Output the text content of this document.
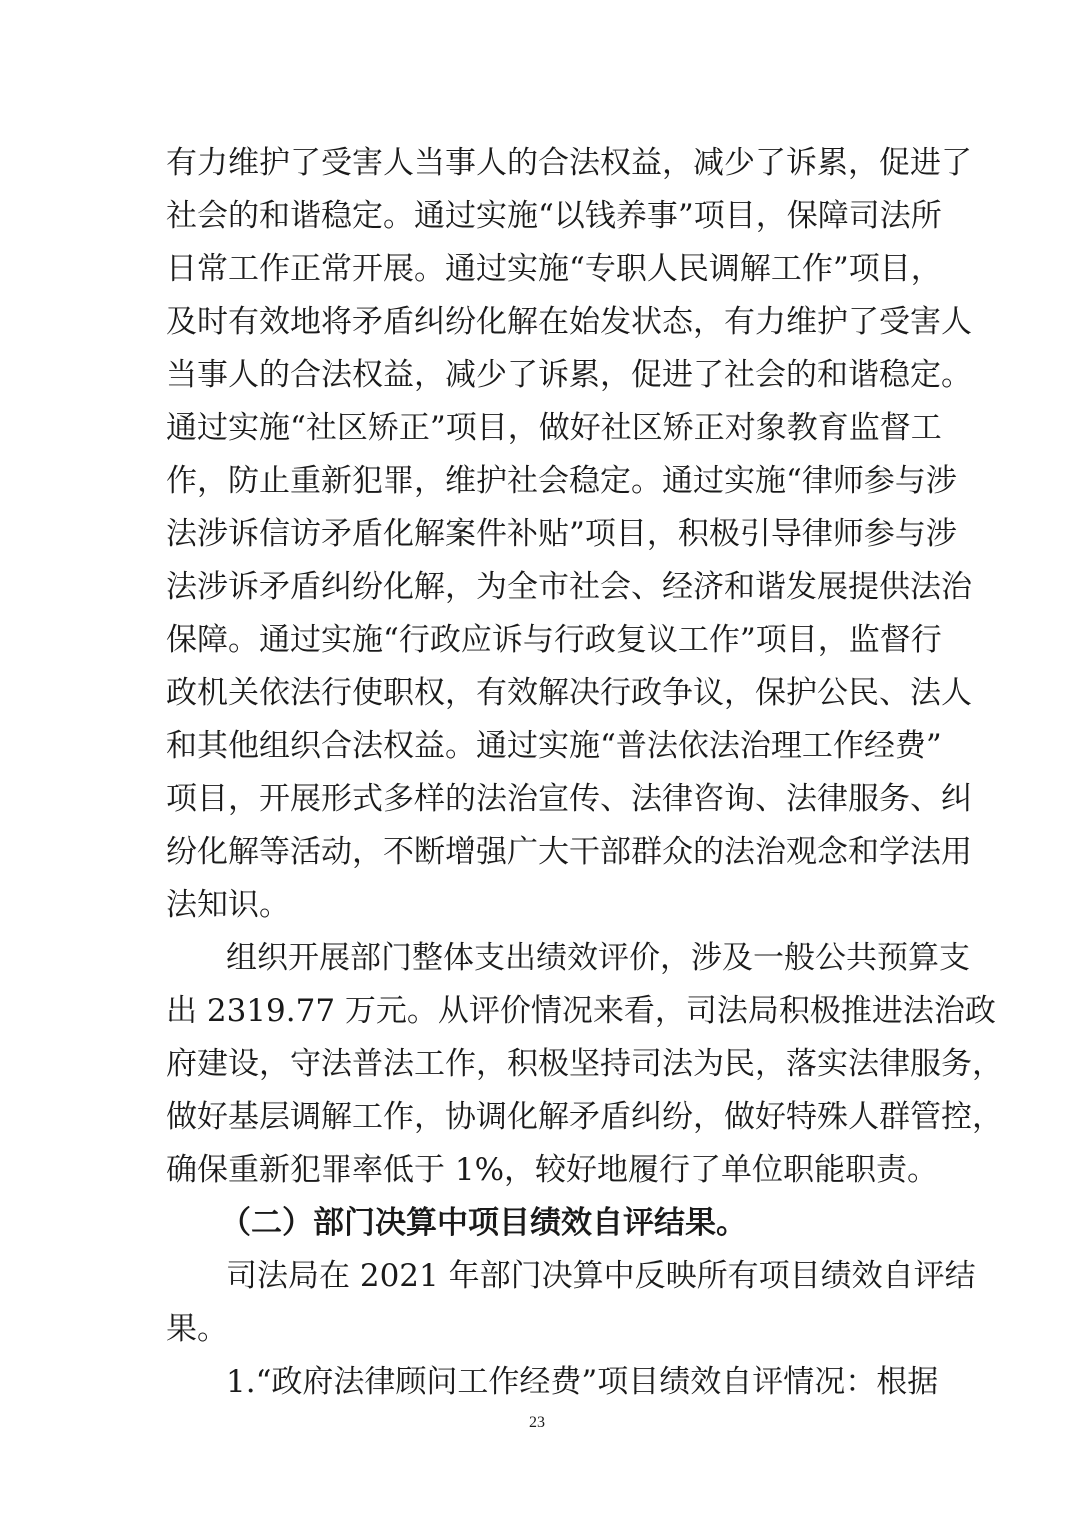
有力维护了受害人当事人的合法权益，减少了诉累，促进了
社会的和谐稳定。通过实施“以钱养事”项目，保障司法所
日常工作正常开展。通过实施“专职人民调解工作”项目，
及时有效地将矛盾纠纷化解在始发状态，有力维护了受害人
当事人的合法权益，减少了诉累，促进了社会的和谐稳定。
通过实施“社区矫正”项目，做好社区矫正对象教育监督工
作，防止重新犯罪，维护社会稳定。通过实施“律师参与涉
法涉诉信访矛盾化解案件补贴”项目，积极引导律师参与涉
法涉诉矛盾纠纷化解，为全市社会、经济和谐发展提供法治
保障。通过实施“行政应诉与行政复议工作”项目，监督行
政机关依法行使职权，有效解决行政争议，保护公民、法人
和其他组织合法权益。通过实施“普法依法治理工作经费”
项目，开展形式多样的法治宣传、法律咨询、法律服务、纠
纷化解等活动，不断增强广大干部群众的法治观念和学法用
法知识。
组织开展部门整体支出绩效评价，涉及一般公共预算支
出 2319.77 万元。从评价情况来看，司法局积极推进法治政
府建设，守法普法工作，积极坚持司法为民，落实法律服务，
做好基层调解工作，协调化解矛盾纠纷，做好特殊人群管控，
确保重新犯罪率低于 1%，较好地履行了单位职能职责。
（二）部门决算中项目绩效自评结果。
司法局在 2021 年部门决算中反映所有项目绩效自评结
果。
1.“政府法律顾问工作经费”项目绩效自评情况：根据
23
